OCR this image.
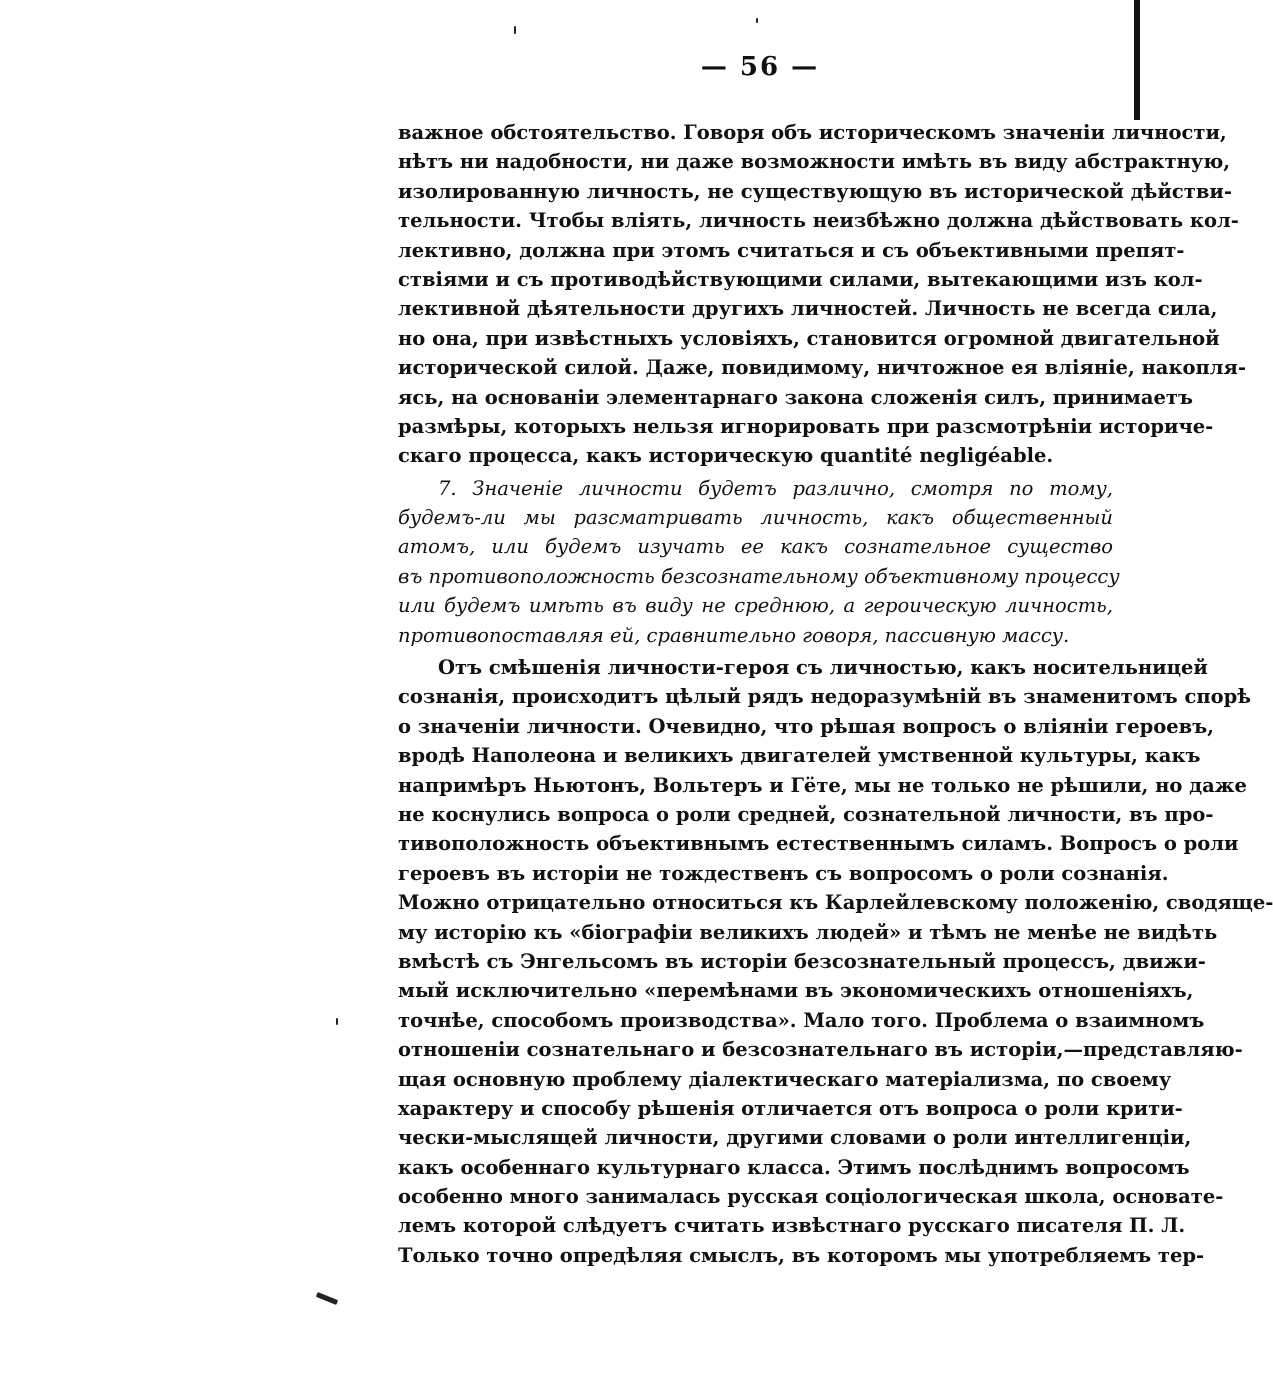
— 56 —
важное обстоятельство. Говоря объ историческомъ значенiи личности,
нѣтъ ни надобности, ни даже возможности имѣть въ виду абстрактную,
изолированную личность, не существующую въ исторической дѣйстви-
тельности. Чтобы влiять, личность неизбѣжно должна дѣйствовать кол-
лективно, должна при этомъ считаться и съ объективными препят-
ствiями и съ противодѣйствующими силами, вытекающими изъ кол-
лективной дѣятельности другихъ личностей. Личность не всегда сила,
но она, при извѣстныхъ условiяхъ, становится огромной двигательной
исторической силой. Даже, повидимому, ничтожное ея влiянiе, накопля-
ясь, на основанiи элементарнаго закона сложенiя силъ, принимаетъ
размѣры, которыхъ нельзя игнорировать при разсмотрѣнiи историче-
скаго процесса, какъ историческую quantité negligéable.
7. Значенiе личности будетъ различно, смотря по тому,
будемъ-ли мы разсматривать личность, какъ общественный
атомъ, или будемъ изучать ее какъ сознательное существо
въ противоположность безсознательному объективному процессу
или будемъ имѣть въ виду не среднюю, а героическую личность,
противопоставляя ей, сравнительно говоря, пассивную массу.
Отъ смѣшенiя личности-героя съ личностью, какъ носительницей
сознанiя, происходитъ цѣлый рядъ недоразумѣнiй въ знаменитомъ спорѣ
о значенiи личности. Очевидно, что рѣшая вопросъ о влiянiи героевъ,
вродѣ Наполеона и великихъ двигателей умственной культуры, какъ
напримѣръ Ньютонъ, Вольтеръ и Гёте, мы не только не рѣшили, но даже
не коснулись вопроса о роли средней, сознательной личности, въ про-
тивоположность объективнымъ естественнымъ силамъ. Вопросъ о роли
героевъ въ исторiи не тождественъ съ вопросомъ о роли сознанiя.
Можно отрицательно относиться къ Карлейлевскому положенiю, сводяще-
му исторiю къ «бiографiи великихъ людей» и тѣмъ не менѣе не видѣть
вмѣстѣ съ Энгельсомъ въ исторiи безсознательный процессъ, движи-
мый исключительно «перемѣнами въ экономическихъ отношенiяхъ,
точнѣе, способомъ производства». Мало того. Проблема о взаимномъ
отношенiи сознательнаго и безсознательнаго въ исторiи,—представляю-
щая основную проблему дiалектическаго матерiализма, по своему
характеру и способу рѣшенiя отличается отъ вопроса о роли крити-
чески-мыслящей личности, другими словами о роли интеллигенцiи,
какъ особеннаго культурнаго класса. Этимъ послѣднимъ вопросомъ
особенно много занималась русская соцiологическая школа, основате-
лемъ которой слѣдуетъ считать извѣстнаго русскаго писателя П. Л.
Только точно опредѣляя смыслъ, въ которомъ мы употребляемъ тер-
